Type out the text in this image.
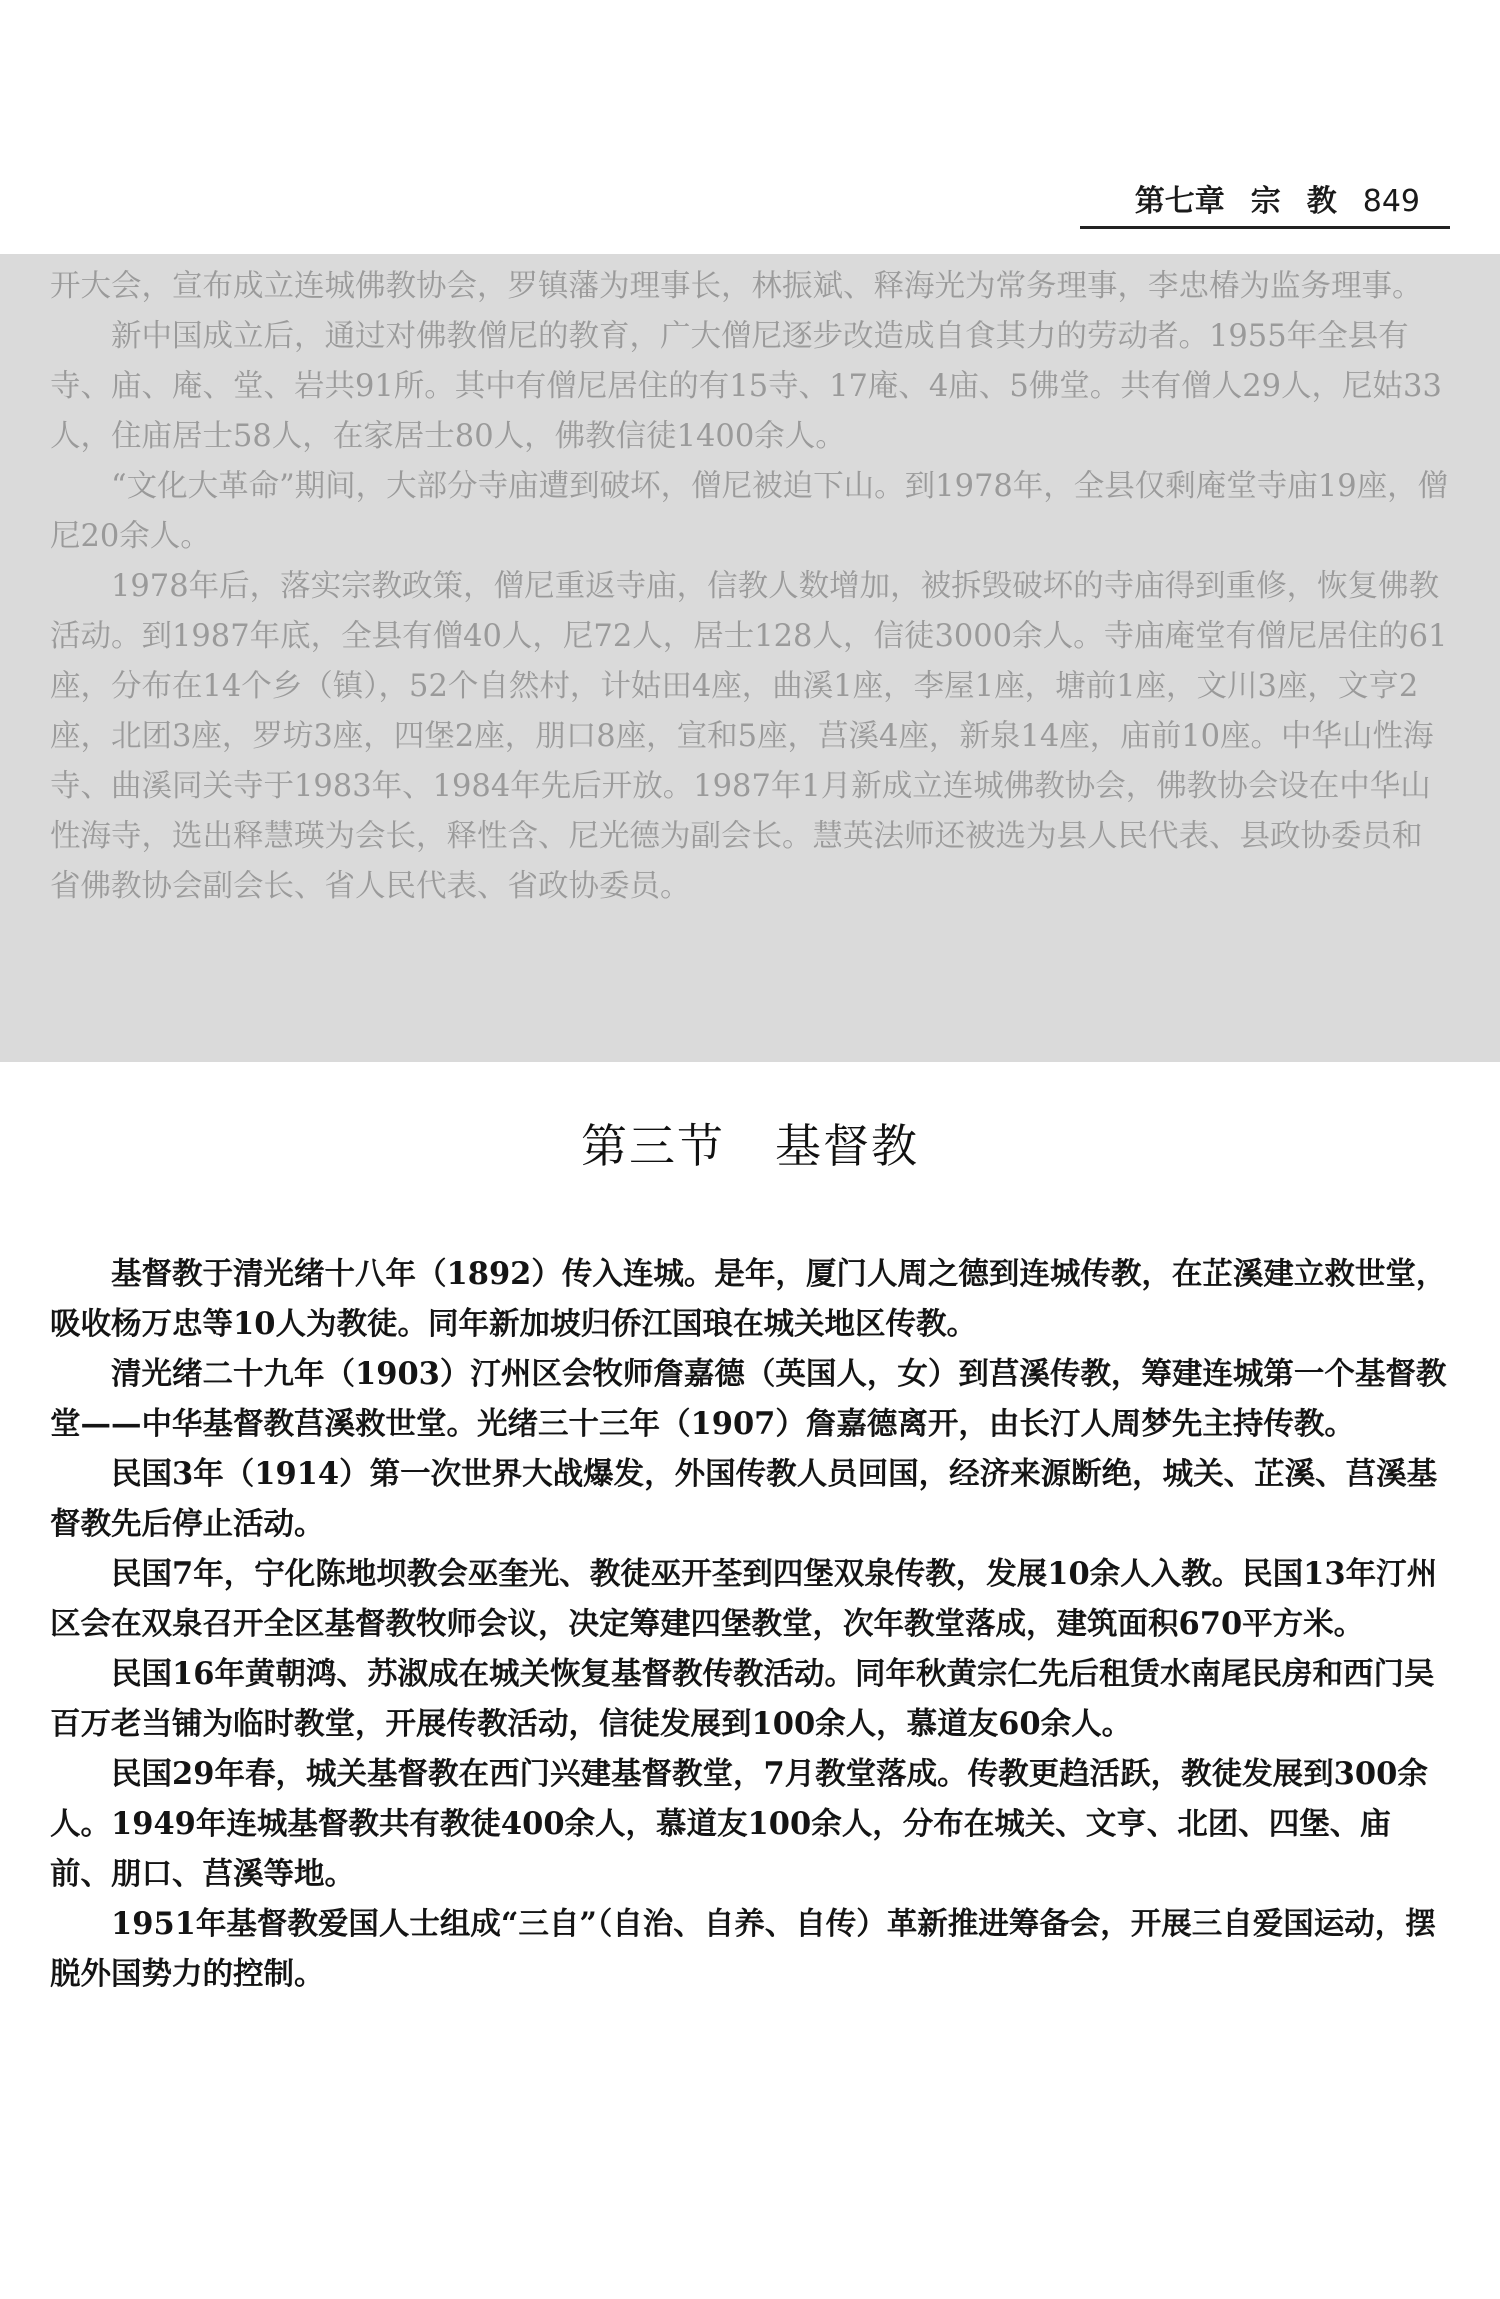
第七章 宗 教 849

开大会，宣布成立连城佛教协会，罗镇藩为理事长，林振斌、释海光为常务理事，李忠椿为监务理事。

新中国成立后，通过对佛教僧尼的教育，广大僧尼逐步改造成自食其力的劳动者。1955年全县有寺、庙、庵、堂、岩共91所。其中有僧尼居住的有15寺、17庵、4庙、5佛堂。共有僧人29人，尼姑33人，住庙居士58人，在家居士80人，佛教信徒1400余人。

“文化大革命”期间，大部分寺庙遭到破坏，僧尼被迫下山。到1978年，全县仅剩庵堂寺庙19座，僧尼20余人。

1978年后，落实宗教政策，僧尼重返寺庙，信教人数增加，被拆毁破坏的寺庙得到重修，恢复佛教活动。到1987年底，全县有僧40人，尼72人，居士128人，信徒3000余人。寺庙庵堂有僧尼居住的61座，分布在14个乡（镇），52个自然村，计姑田4座，曲溪1座，李屋1座，塘前1座，文川3座，文亨2座，北团3座，罗坊3座，四堡2座，朋口8座，宣和5座，莒溪4座，新泉14座，庙前10座。中华山性海寺、曲溪同关寺于1983年、1984年先后开放。1987年1月新成立连城佛教协会，佛教协会设在中华山性海寺，选出释慧瑛为会长，释性含、尼光德为副会长。慧英法师还被选为县人民代表、县政协委员和省佛教协会副会长、省人民代表、省政协委员。

第三节 基督教

基督教于清光绪十八年（1892）传入连城。是年，厦门人周之德到连城传教，在芷溪建立救世堂，吸收杨万忠等10人为教徒。同年新加坡归侨江国琅在城关地区传教。

清光绪二十九年（1903）汀州区会牧师詹嘉德（英国人，女）到莒溪传教，筹建连城第一个基督教堂——中华基督教莒溪救世堂。光绪三十三年（1907）詹嘉德离开，由长汀人周梦先主持传教。

民国3年（1914）第一次世界大战爆发，外国传教人员回国，经济来源断绝，城关、芷溪、莒溪基督教先后停止活动。

民国7年，宁化陈地坝教会巫奎光、教徒巫开荃到四堡双泉传教，发展10余人入教。民国13年汀州区会在双泉召开全区基督教牧师会议，决定筹建四堡教堂，次年教堂落成，建筑面积670平方米。

民国16年黄朝鸿、苏淑成在城关恢复基督教传教活动。同年秋黄宗仁先后租赁水南尾民房和西门吴百万老当铺为临时教堂，开展传教活动，信徒发展到100余人，慕道友60余人。

民国29年春，城关基督教在西门兴建基督教堂，7月教堂落成。传教更趋活跃，教徒发展到300余人。1949年连城基督教共有教徒400余人，慕道友100余人，分布在城关、文亨、北团、四堡、庙前、朋口、莒溪等地。

1951年基督教爱国人士组成“三自”（自治、自养、自传）革新推进筹备会，开展三自爱国运动，摆脱外国势力的控制。
